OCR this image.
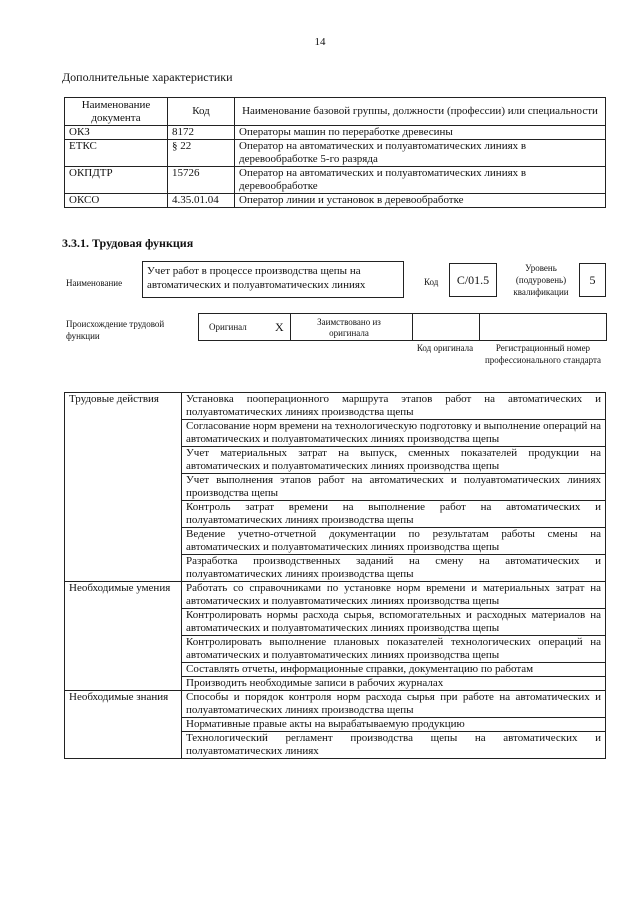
14
Дополнительные характеристики
Наименование документа	Код	Наименование базовой группы, должности (профессии) или специальности
ОКЗ	8172	Операторы машин по переработке древесины
ЕТКС	§ 22	Оператор на автоматических и полуавтоматических линиях в деревообработке 5-го разряда
ОКПДТР	15726	Оператор на автоматических и полуавтоматических линиях в деревообработке
ОКСО	4.35.01.04	Оператор линии и установок в деревообработке
3.3.1. Трудовая функция
Наименование
Учет работ в процессе производства щепы на автоматических и полуавтоматических линиях	Код С/01.5
Уровень (подуровень) квалификации
5
Происхождение трудовой функции
Оригинал X	Заимствовано из оригинала
Код оригинала	Регистрационный номер профессионального стандарта
Трудовые действия	Установка пооперационного маршрута этапов работ на автоматических и полуавтоматических линиях производства щепы
	Согласование норм времени на технологическую подготовку и выполнение операций на автоматических и полуавтоматических линиях производства щепы
	Учет материальных затрат на выпуск, сменных показателей продукции на автоматических и полуавтоматических линиях производства щепы
	Учет выполнения этапов работ на автоматических и полуавтоматических линиях производства щепы
	Контроль затрат времени на выполнение работ на автоматических и полуавтоматических линиях производства щепы
	Ведение учетно-отчетной документации по результатам работы смены на автоматических и полуавтоматических линиях производства щепы
	Разработка производственных заданий на смену на автоматических и полуавтоматических линиях производства щепы
Необходимые умения	Работать со справочниками по установке норм времени и материальных затрат на автоматических и полуавтоматических линиях производства щепы
	Контролировать нормы расхода сырья, вспомогательных и расходных материалов на автоматических и полуавтоматических линиях производства щепы
	Контролировать выполнение плановых показателей технологических операций на автоматических и полуавтоматических линиях производства щепы
	Составлять отчеты, информационные справки, документацию по работам
	Производить необходимые записи в рабочих журналах
Необходимые знания	Способы и порядок контроля норм расхода сырья при работе на автоматических и полуавтоматических линиях производства щепы
	Нормативные правые акты на вырабатываемую продукцию
	Технологический регламент производства щепы на автоматических и полуавтоматических линиях
